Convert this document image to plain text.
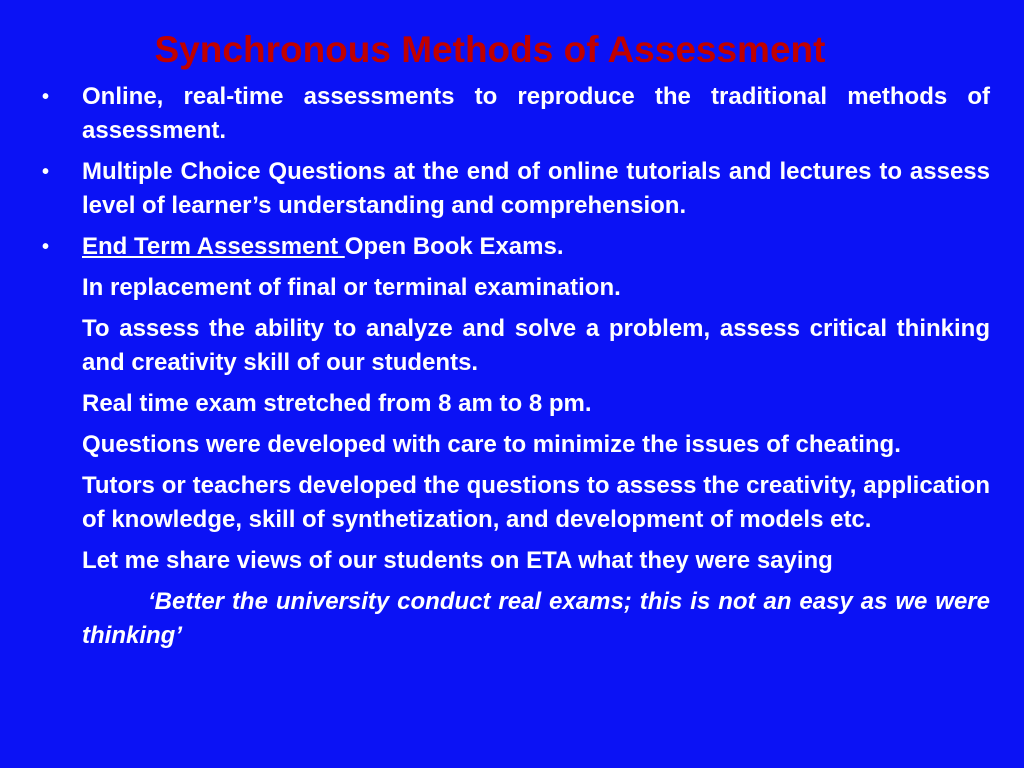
Synchronous Methods of Assessment
• Online, real-time assessments to reproduce the traditional methods of assessment.
• Multiple Choice Questions at the end of online tutorials and lectures to assess level of learner’s understanding and comprehension.
• End Term Assessment Open Book Exams.
In replacement of final or terminal examination.
To assess the ability to analyze and solve a problem, assess critical thinking and creativity skill of our students.
Real time exam stretched from 8 am to 8 pm.
Questions were developed with care to minimize the issues of cheating.
Tutors or teachers developed the questions to assess the creativity, application of knowledge, skill of synthetization, and development of models etc.
Let me share views of our students on ETA what they were saying
‘Better the university conduct real exams; this is not an easy as we were thinking’
